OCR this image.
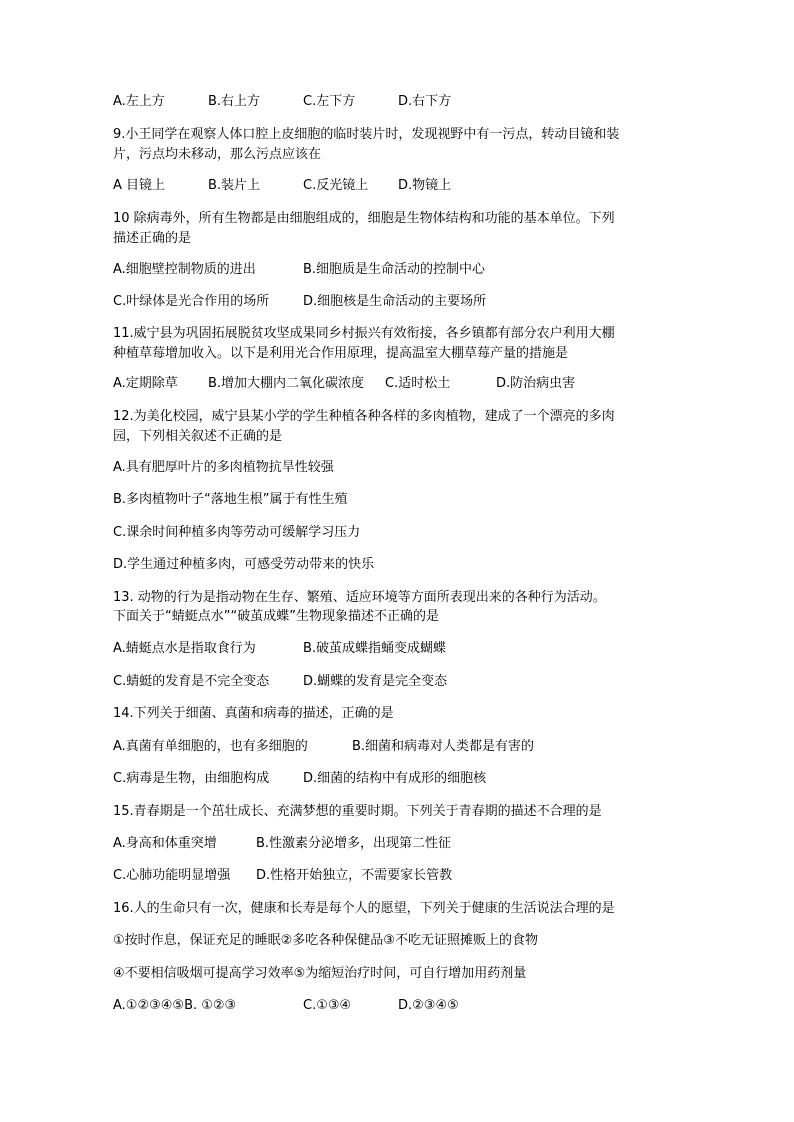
A.左上方	B.右上方	C.左下方	D.右下方
9.小王同学在观察人体口腔上皮细胞的临时装片时，发现视野中有一污点，转动目镜和装
片，污点均未移动，那么污点应该在
A 目镜上	B.装片上	C.反光镜上 D.物镜上
10 除病毒外，所有生物都是由细胞组成的，细胞是生物体结构和功能的基本单位。下列
描述正确的是
A.细胞壁控制物质的进出	B.细胞质是生命活动的控制中心
C.叶绿体是光合作用的场所	D.细胞核是生命活动的主要场所
11.威宁县为巩固拓展脱贫攻坚成果同乡村振兴有效衔接，各乡镇都有部分农户利用大棚
种植草莓增加收入。以下是利用光合作用原理，提高温室大棚草莓产量的措施是
A.定期除草 B.增加大棚内二氧化碳浓度 C.适时松土	D.防治病虫害
12.为美化校园，威宁县某小学的学生种植各种各样的多肉植物，建成了一个漂亮的多肉
园，下列相关叙述不正确的是
A.具有肥厚叶片的多肉植物抗旱性较强
B.多肉植物叶子“落地生根”属于有性生殖
C.课余时间种植多肉等劳动可缓解学习压力
D.学生通过种植多肉，可感受劳动带来的快乐
13. 动物的行为是指动物在生存、繁殖、适应环境等方面所表现出来的各种行为活动。
下面关于“蜻蜓点水”“破茧成蝶”生物现象描述不正确的是
A.蜻蜓点水是指取食行为	B.破茧成蝶指蛹变成蝴蝶
C.蜻蜓的发育是不完全变态	D.蝴蝶的发育是完全变态
14.下列关于细菌、真菌和病毒的描述，正确的是
A.真菌有单细胞的，也有多细胞的	B.细菌和病毒对人类都是有害的
C.病毒是生物，由细胞构成	D.细菌的结构中有成形的细胞核
15.青春期是一个茁壮成长、充满梦想的重要时期。下列关于青春期的描述不合理的是
A.身高和体重突增	B.性激素分泌增多，出现第二性征
C.心肺功能明显增强 D.性格开始独立，不需要家长管教
16.人的生命只有一次，健康和长寿是每个人的愿望，下列关于健康的生活说法合理的是
①按时作息，保证充足的睡眠②多吃各种保健品③不吃无证照摊贩上的食物
④不要相信吸烟可提高学习效率⑤为缩短治疗时间，可自行增加用药剂量
A.①②③④⑤B. ①②③	C.①③④	D.②③④⑤
